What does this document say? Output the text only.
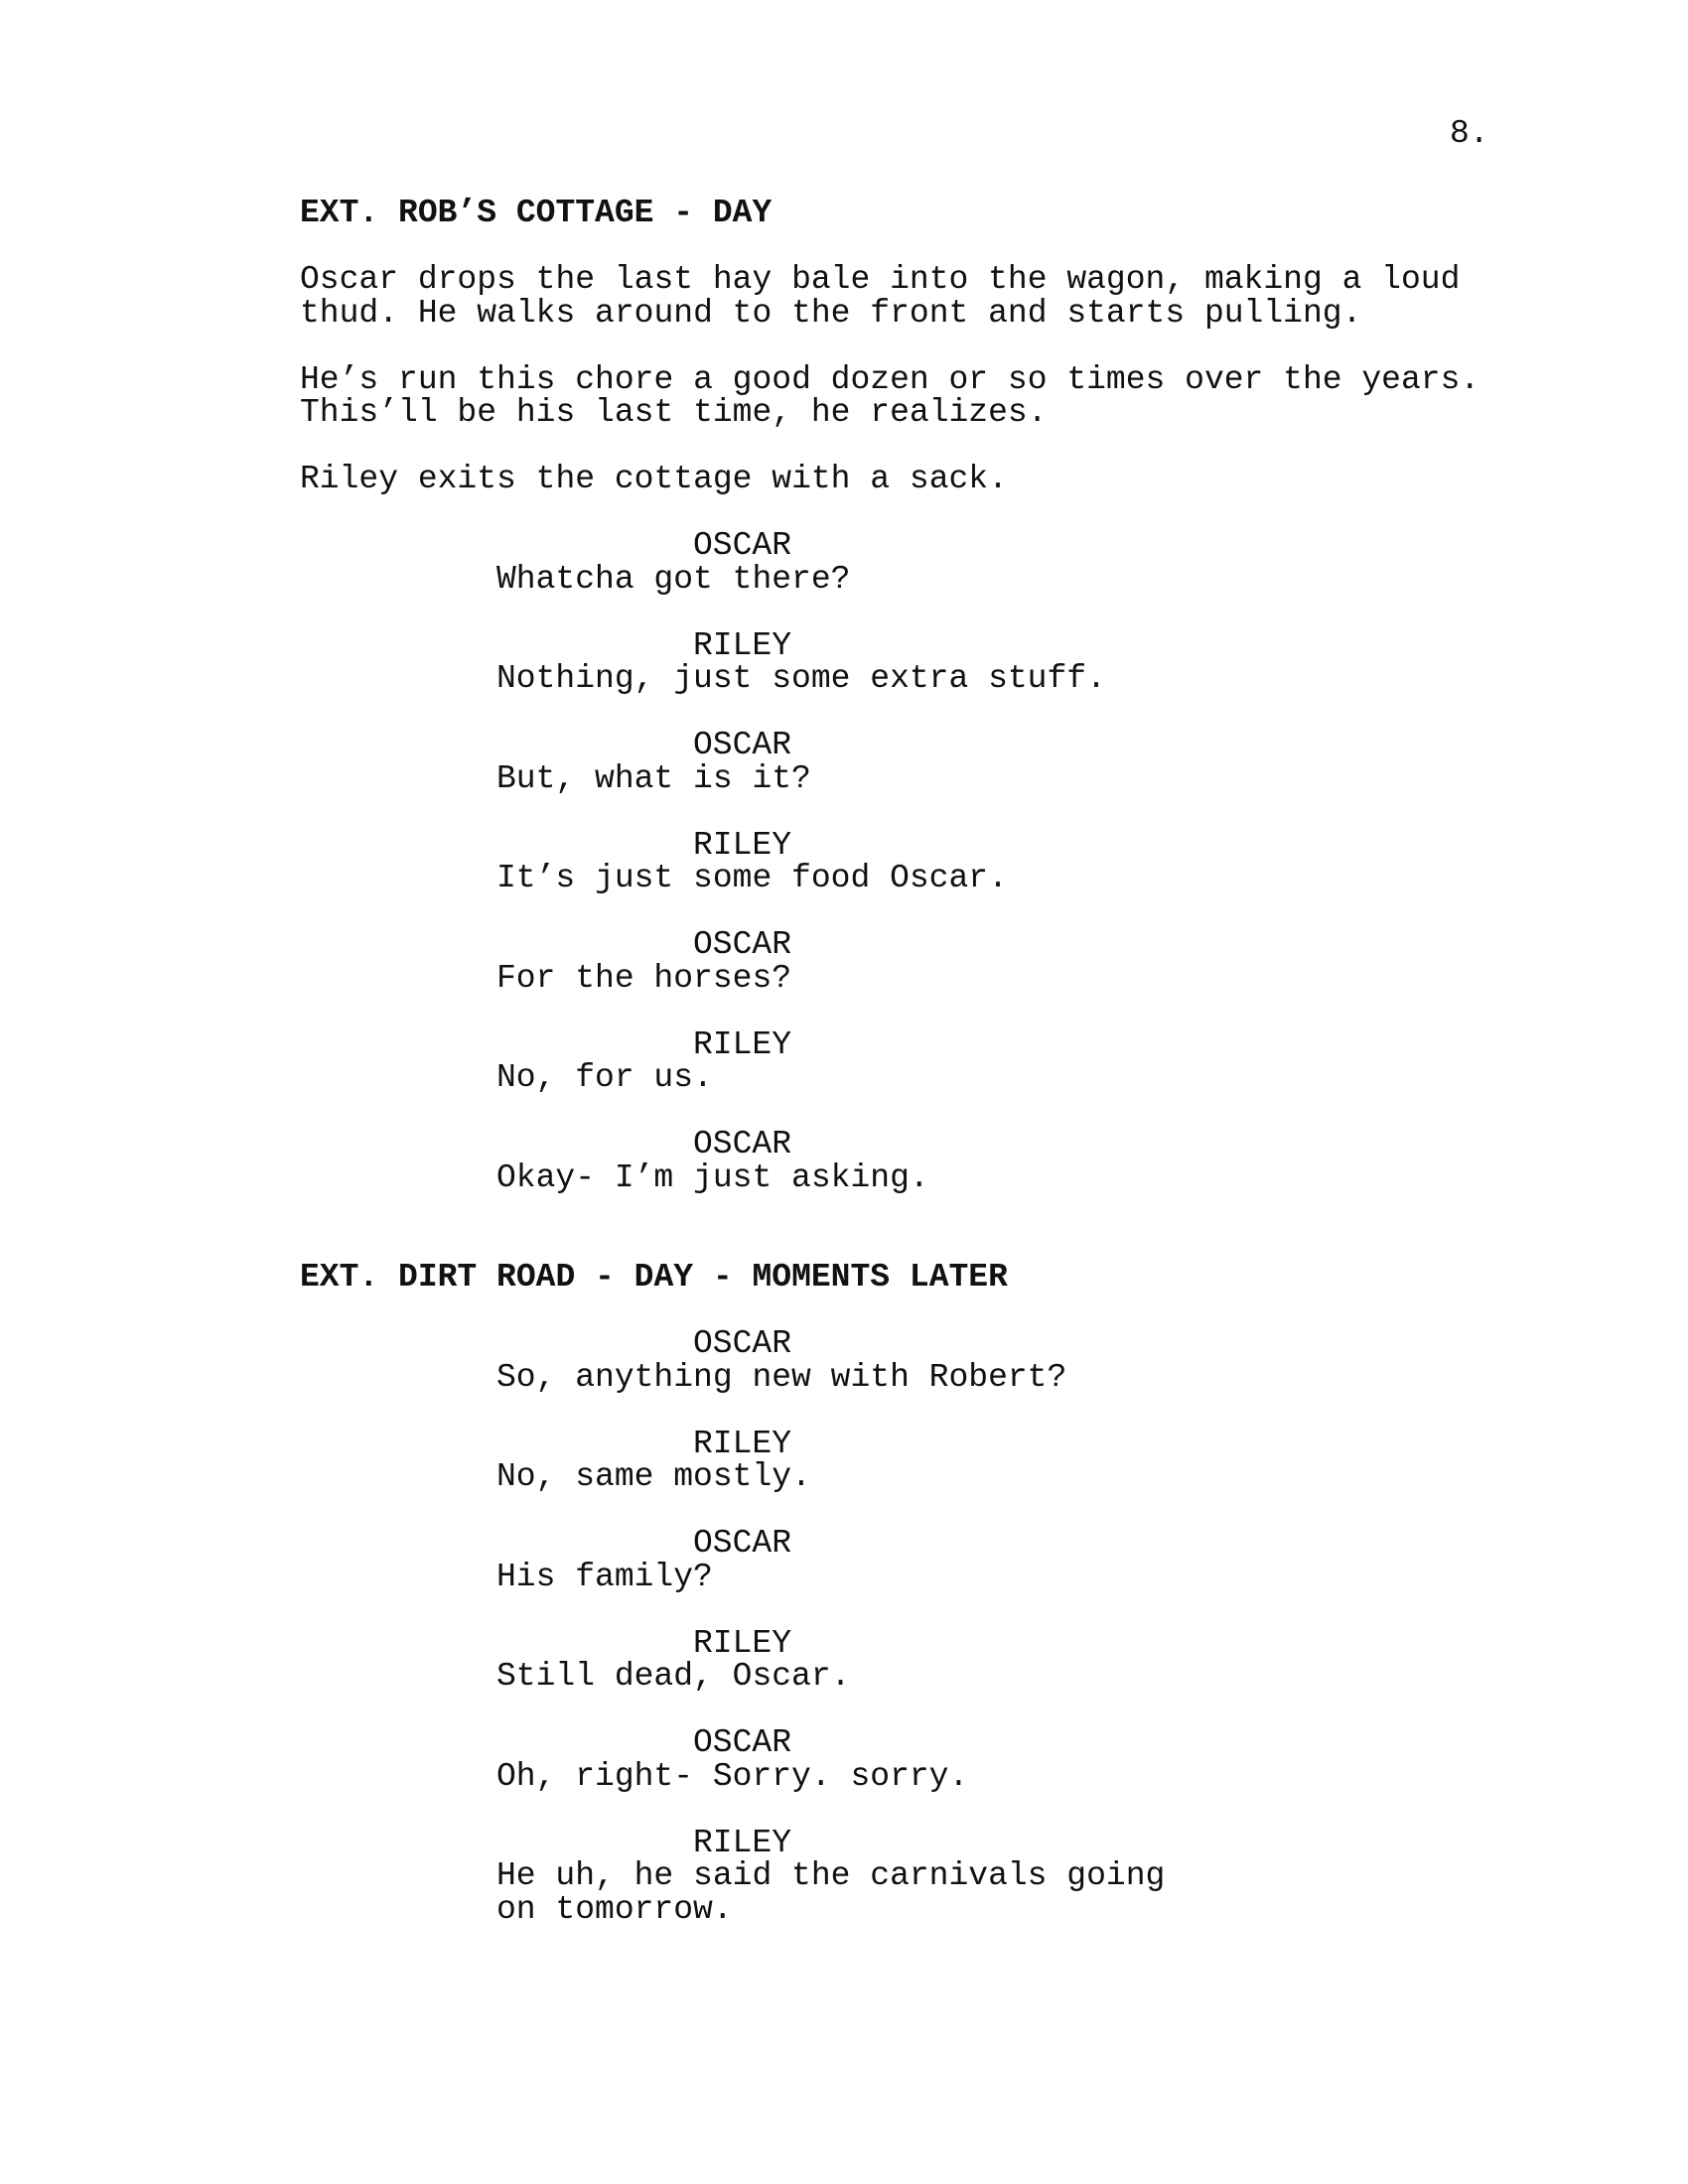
8.
EXT. ROB’S COTTAGE - DAY
Oscar drops the last hay bale into the wagon, making a loud
thud. He walks around to the front and starts pulling.
He’s run this chore a good dozen or so times over the years.
This’ll be his last time, he realizes.
Riley exits the cottage with a sack.
OSCAR
Whatcha got there?
RILEY
Nothing, just some extra stuff.
OSCAR
But, what is it?
RILEY
It’s just some food Oscar.
OSCAR
For the horses?
RILEY
No, for us.
OSCAR
Okay- I’m just asking.
EXT. DIRT ROAD - DAY - MOMENTS LATER
OSCAR
So, anything new with Robert?
RILEY
No, same mostly.
OSCAR
His family?
RILEY
Still dead, Oscar.
OSCAR
Oh, right- Sorry. sorry.
RILEY
He uh, he said the carnivals going
on tomorrow.
